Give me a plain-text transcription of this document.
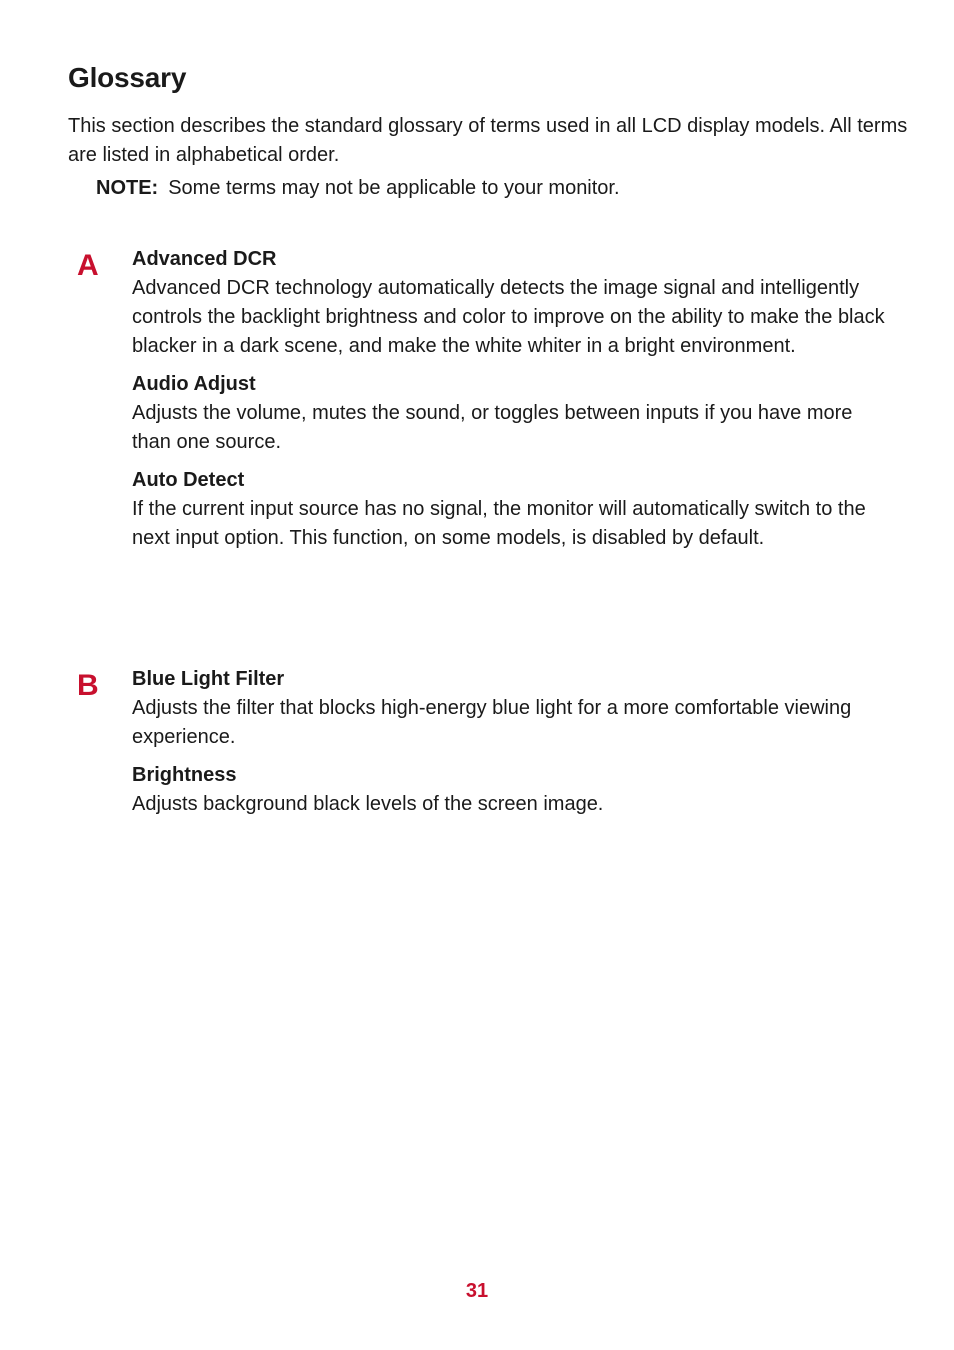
Glossary

This section describes the standard glossary of terms used in all LCD display models. All terms are listed in alphabetical order.

NOTE: Some terms may not be applicable to your monitor.

A Advanced DCR

Advanced DCR technology automatically detects the image signal and intelligently controls the backlight brightness and color to improve on the ability to make the black blacker in a dark scene, and make the white whiter in a bright environment.

Audio Adjust

Adjusts the volume, mutes the sound, or toggles between inputs if you have more than one source.

Auto Detect

If the current input source has no signal, the monitor will automatically switch to the next input option. This function, on some models, is disabled by default.

B Blue Light Filter

Adjusts the filter that blocks high-energy blue light for a more comfortable viewing experience.

Brightness

Adjusts background black levels of the screen image.

31
